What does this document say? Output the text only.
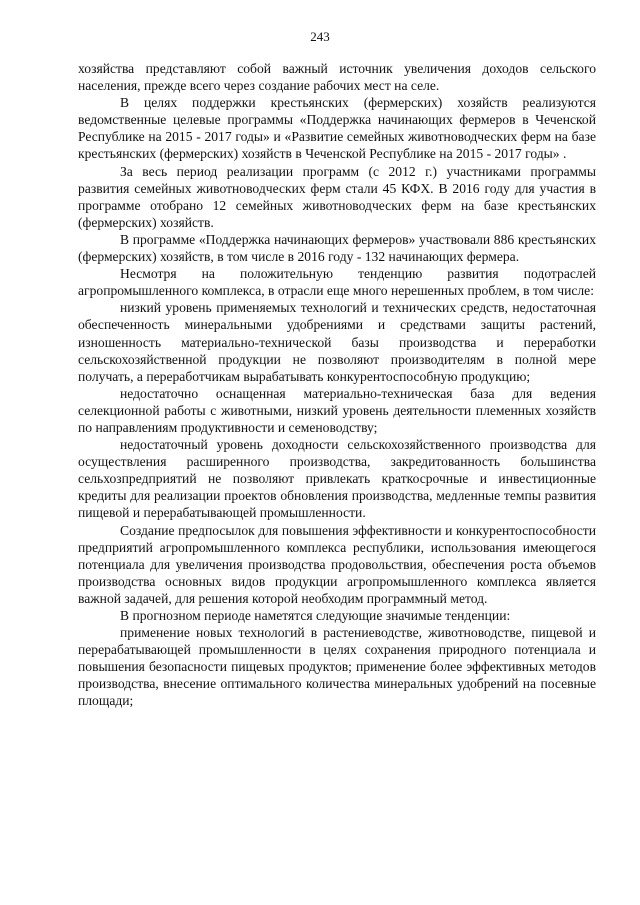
243

хозяйства представляют собой важный источник увеличения доходов сельского населения, прежде всего через создание рабочих мест на селе.

В целях поддержки крестьянских (фермерских) хозяйств реализуются ведомственные целевые программы «Поддержка начинающих фермеров в Чеченской Республике на 2015 - 2017 годы» и «Развитие семейных животноводческих ферм на базе крестьянских (фермерских) хозяйств в Чеченской Республике на 2015 - 2017 годы» .

За весь период реализации программ (с 2012 г.) участниками программы развития семейных животноводческих ферм стали 45 КФХ. В 2016 году для участия в программе отобрано 12 семейных животноводческих ферм на базе крестьянских (фермерских) хозяйств.

В программе «Поддержка начинающих фермеров» участвовали 886 крестьянских (фермерских) хозяйств, в том числе в 2016 году - 132 начинающих фермера.

Несмотря на положительную тенденцию развития подотраслей агропромышленного комплекса, в отрасли еще много нерешенных проблем, в том числе:

низкий уровень применяемых технологий и технических средств, недостаточная обеспеченность минеральными удобрениями и средствами защиты растений, изношенность материально-технической базы производства и переработки сельскохозяйственной продукции не позволяют производителям в полной мере получать, а переработчикам вырабатывать конкурентоспособную продукцию;

недостаточно оснащенная материально-техническая база для ведения селекционной работы с животными, низкий уровень деятельности племенных хозяйств по направлениям продуктивности и семеноводству;

недостаточный уровень доходности сельскохозяйственного производства для осуществления расширенного производства, закредитованность большинства сельхозпредприятий не позволяют привлекать краткосрочные и инвестиционные кредиты для реализации проектов обновления производства, медленные темпы развития пищевой и перерабатывающей промышленности.

Создание предпосылок для повышения эффективности и конкурентоспособности предприятий агропромышленного комплекса республики, использования имеющегося потенциала для увеличения производства продовольствия, обеспечения роста объемов производства основных видов продукции агропромышленного комплекса является важной задачей, для решения которой необходим программный метод.

В прогнозном периоде наметятся следующие значимые тенденции:

применение новых технологий в растениеводстве, животноводстве, пищевой и перерабатывающей промышленности в целях сохранения природного потенциала и повышения безопасности пищевых продуктов; применение более эффективных методов производства, внесение оптимального количества минеральных удобрений на посевные площади;
